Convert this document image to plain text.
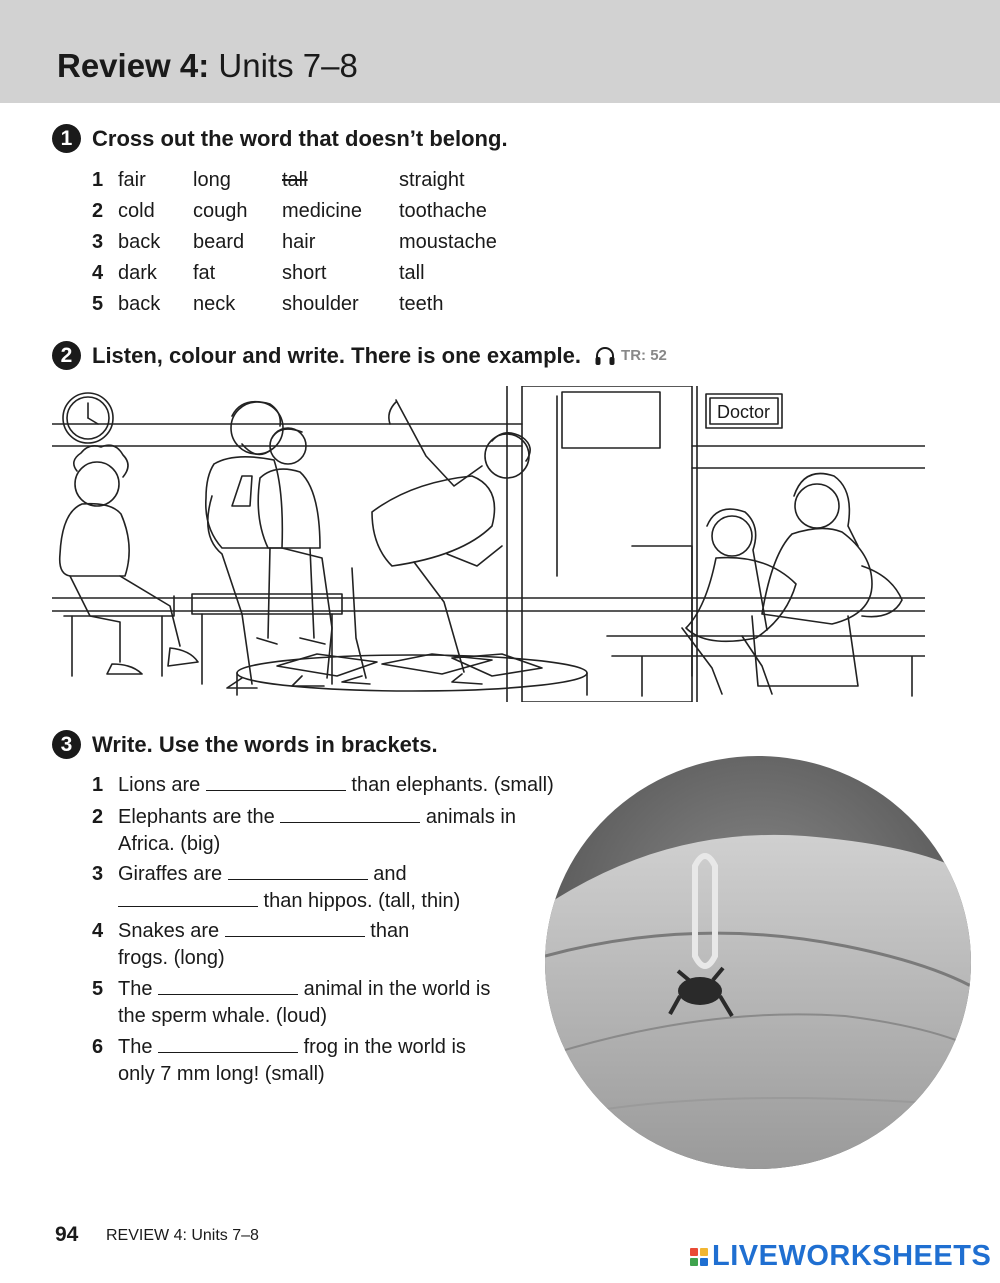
Review 4: Units 7–8
1 Cross out the word that doesn’t belong.
1 fair long	tall	straight
2 cold cough medicine toothache
3 back beard hair	moustache
4 dark fat	short	tall
5 back neck shoulder teeth
2 Listen, colour and write. There is one example.	TR: 52
Doctor
3 Write. Use the words in brackets.
1 Lions are	than elephants. (small)
2 Elephants are the	animals in Africa. (big)
3 Giraffes are	and  than hippos. (tall, thin)
4 Snakes are	than frogs. (long)
5 The	animal in the world is the sperm whale. (loud)
6 The	frog in the world is only 7 mm long! (small)
94 REVIEW 4: Units 7–8
LIVEWORKSHEETS
